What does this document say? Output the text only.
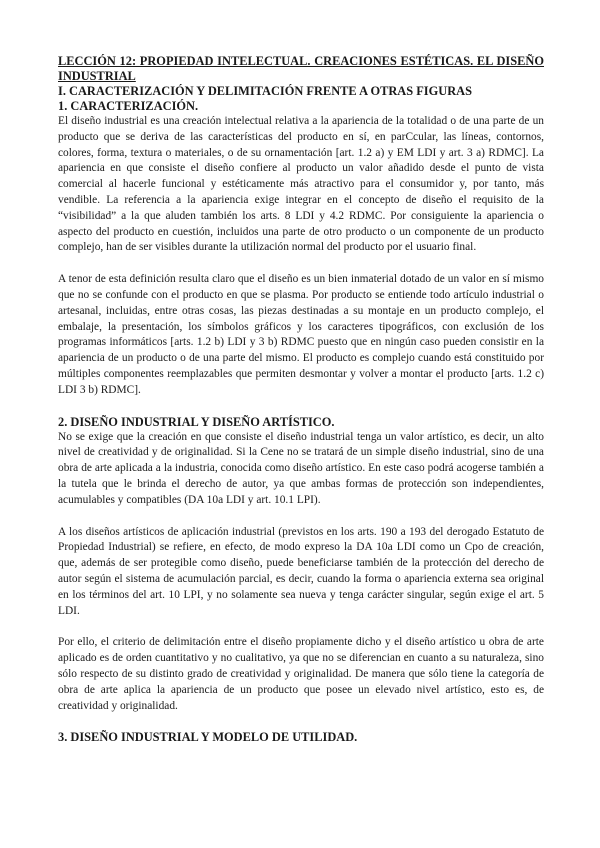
LECCIÓN 12: PROPIEDAD INTELECTUAL. CREACIONES ESTÉTICAS. EL DISEÑO INDUSTRIAL

I. CARACTERIZACIÓN Y DELIMITACIÓN FRENTE A OTRAS FIGURAS

1. CARACTERIZACIÓN.

El diseño industrial es una creación intelectual relativa a la apariencia de la totalidad o de una parte de un producto que se deriva de las características del producto en sí, en parCcular, las líneas, contornos, colores, forma, textura o materiales, o de su ornamentación [art. 1.2 a) y EM LDI y art. 3 a) RDMC]. La apariencia en que consiste el diseño confiere al producto un valor añadido desde el punto de vista comercial al hacerle funcional y estéticamente más atractivo para el consumidor y, por tanto, más vendible. La referencia a la apariencia exige integrar en el concepto de diseño el requisito de la “visibilidad” a la que aluden también los arts. 8 LDI y 4.2 RDMC. Por consiguiente la apariencia o aspecto del producto en cuestión, incluidos una parte de otro producto o un componente de un producto complejo, han de ser visibles durante la utilización normal del producto por el usuario final.

A tenor de esta definición resulta claro que el diseño es un bien inmaterial dotado de un valor en sí mismo que no se confunde con el producto en que se plasma. Por producto se entiende todo artículo industrial o artesanal, incluidas, entre otras cosas, las piezas destinadas a su montaje en un producto complejo, el embalaje, la presentación, los símbolos gráficos y los caracteres tipográficos, con exclusión de los programas informáticos [arts. 1.2 b) LDI y 3 b) RDMC puesto que en ningún caso pueden consistir en la apariencia de un producto o de una parte del mismo. El producto es complejo cuando está constituido por múltiples componentes reemplazables que permiten desmontar y volver a montar el producto [arts. 1.2 c) LDI 3 b) RDMC].

2. DISEÑO INDUSTRIAL Y DISEÑO ARTÍSTICO.

No se exige que la creación en que consiste el diseño industrial tenga un valor artístico, es decir, un alto nivel de creatividad y de originalidad. Si la Cene no se tratará de un simple diseño industrial, sino de una obra de arte aplicada a la industria, conocida como diseño artístico. En este caso podrá acogerse también a la tutela que le brinda el derecho de autor, ya que ambas formas de protección son independientes, acumulables y compatibles (DA 10a LDI y art. 10.1 LPI).

A los diseños artísticos de aplicación industrial (previstos en los arts. 190 a 193 del derogado Estatuto de Propiedad Industrial) se refiere, en efecto, de modo expreso la DA 10a LDI como un Cpo de creación, que, además de ser protegible como diseño, puede beneficiarse también de la protección del derecho de autor según el sistema de acumulación parcial, es decir, cuando la forma o apariencia externa sea original en los términos del art. 10 LPI, y no solamente sea nueva y tenga carácter singular, según exige el art. 5 LDI.

Por ello, el criterio de delimitación entre el diseño propiamente dicho y el diseño artístico u obra de arte aplicado es de orden cuantitativo y no cualitativo, ya que no se diferencian en cuanto a su naturaleza, sino sólo respecto de su distinto grado de creatividad y originalidad. De manera que sólo tiene la categoría de obra de arte aplica la apariencia de un producto que posee un elevado nivel artístico, esto es, de creatividad y originalidad.

3. DISEÑO INDUSTRIAL Y MODELO DE UTILIDAD.
